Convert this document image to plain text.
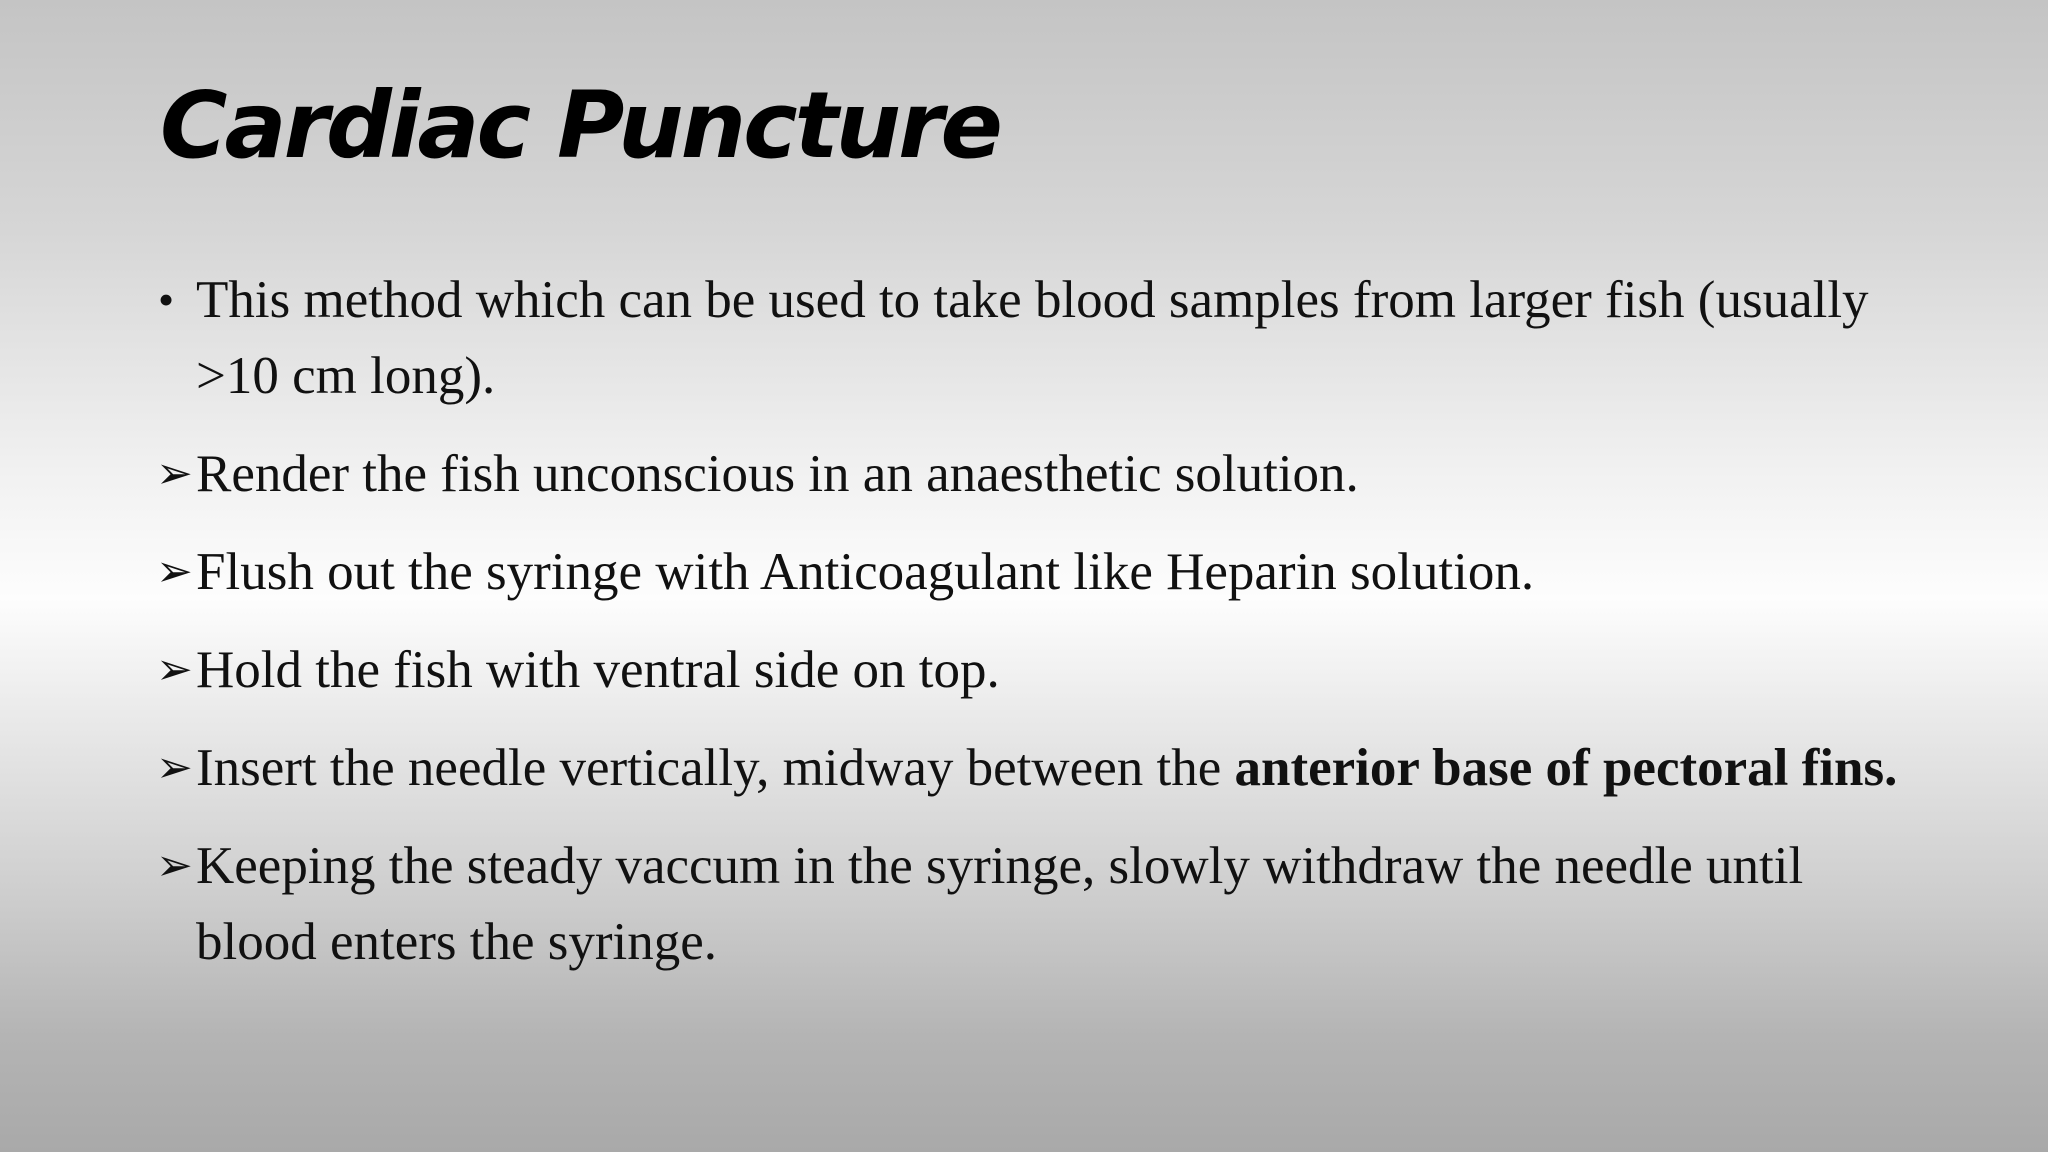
Cardiac Puncture
• This method which can be used to take blood samples from larger fish (usually >10 cm long).
➢ Render the fish unconscious in an anaesthetic solution.
➢ Flush out the syringe with Anticoagulant like Heparin solution.
➢ Hold the fish with ventral side on top.
➢ Insert the needle vertically, midway between the anterior base of pectoral fins.
➢ Keeping the steady vaccum in the syringe, slowly withdraw the needle until blood enters the syringe.
